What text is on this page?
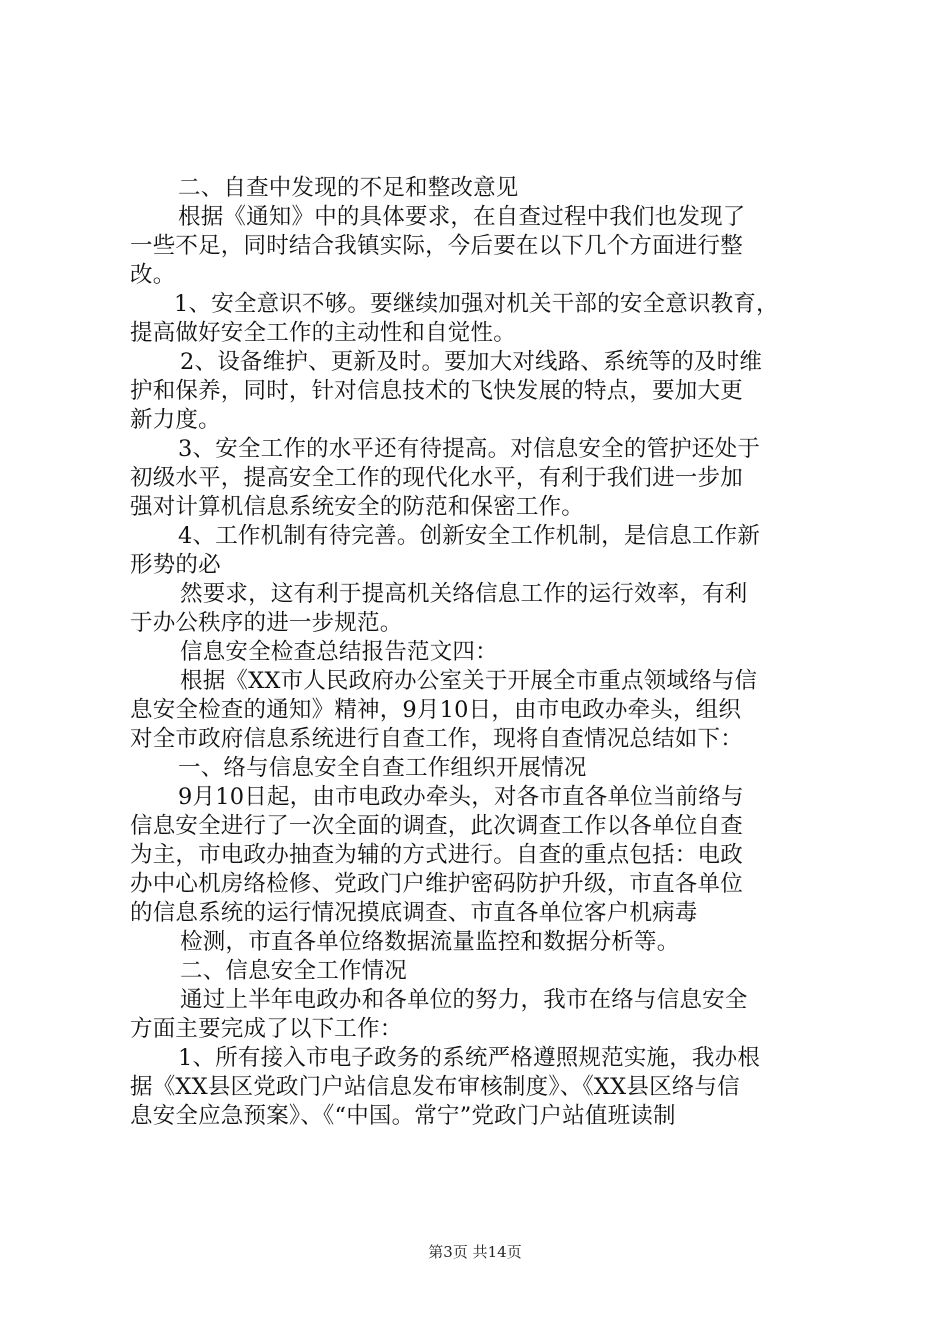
二、自查中发现的不足和整改意见
根据《通知》中的具体要求，在自查过程中我们也发现了
一些不足，同时结合我镇实际，今后要在以下几个方面进行整
改。
1、安全意识不够。要继续加强对机关干部的安全意识教育，
提高做好安全工作的主动性和自觉性。
2、设备维护、更新及时。要加大对线路、系统等的及时维
护和保养，同时，针对信息技术的飞快发展的特点，要加大更
新力度。
3、安全工作的水平还有待提高。对信息安全的管护还处于
初级水平，提高安全工作的现代化水平，有利于我们进一步加
强对计算机信息系统安全的防范和保密工作。
4、工作机制有待完善。创新安全工作机制，是信息工作新
形势的必
然要求，这有利于提高机关络信息工作的运行效率，有利
于办公秩序的进一步规范。
信息安全检查总结报告范文四：
根据《XX市人民政府办公室关于开展全市重点领域络与信
息安全检查的通知》精神，9月10日，由市电政办牵头，组织
对全市政府信息系统进行自查工作，现将自查情况总结如下：
一、络与信息安全自查工作组织开展情况
9月10日起，由市电政办牵头，对各市直各单位当前络与
信息安全进行了一次全面的调查，此次调查工作以各单位自查
为主，市电政办抽查为辅的方式进行。自查的重点包括：电政
办中心机房络检修、党政门户维护密码防护升级，市直各单位
的信息系统的运行情况摸底调查、市直各单位客户机病毒
检测，市直各单位络数据流量监控和数据分析等。
二、信息安全工作情况
通过上半年电政办和各单位的努力，我市在络与信息安全
方面主要完成了以下工作：
1、所有接入市电子政务的系统严格遵照规范实施，我办根
据《XX县区党政门户站信息发布审核制度》、《XX县区络与信
息安全应急预案》、《“中国。常宁”党政门户站值班读制
第3页 共14页
